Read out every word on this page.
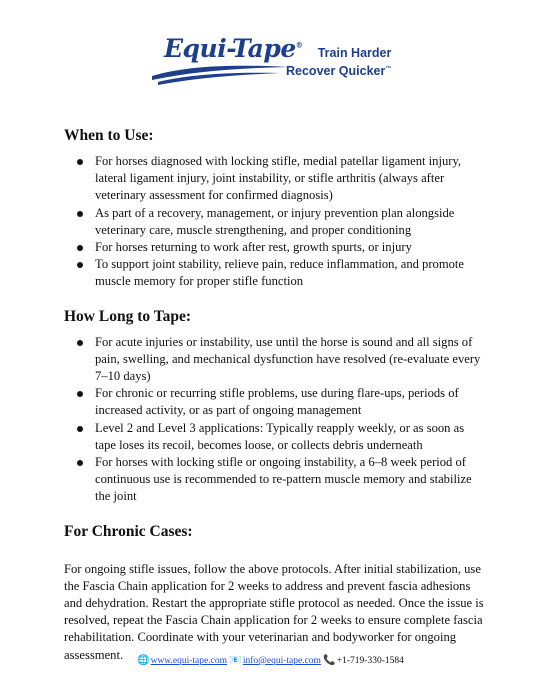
Equi-Tape®
Train Harder
Recover Quicker™
When to Use:
For horses diagnosed with locking stifle, medial patellar ligament injury, lateral ligament injury, joint instability, or stifle arthritis (always after veterinary assessment for confirmed diagnosis)
As part of a recovery, management, or injury prevention plan alongside veterinary care, muscle strengthening, and proper conditioning
For horses returning to work after rest, growth spurts, or injury
To support joint stability, relieve pain, reduce inflammation, and promote muscle memory for proper stifle function
How Long to Tape:
For acute injuries or instability, use until the horse is sound and all signs of pain, swelling, and mechanical dysfunction have resolved (re-evaluate every 7–10 days)
For chronic or recurring stifle problems, use during flare-ups, periods of increased activity, or as part of ongoing management
Level 2 and Level 3 applications: Typically reapply weekly, or as soon as tape loses its recoil, becomes loose, or collects debris underneath
For horses with locking stifle or ongoing instability, a 6–8 week period of continuous use is recommended to re-pattern muscle memory and stabilize the joint
For Chronic Cases:

For ongoing stifle issues, follow the above protocols. After initial stabilization, use the Fascia Chain application for 2 weeks to address and prevent fascia adhesions and dehydration. Restart the appropriate stifle protocol as needed. Once the issue is resolved, repeat the Fascia Chain application for 2 weeks to ensure complete fascia rehabilitation. Coordinate with your veterinarian and bodyworker for ongoing assessment.	🌐www.equi-tape.com 📧info@equi-tape.com 📞+1-719-330-1584
